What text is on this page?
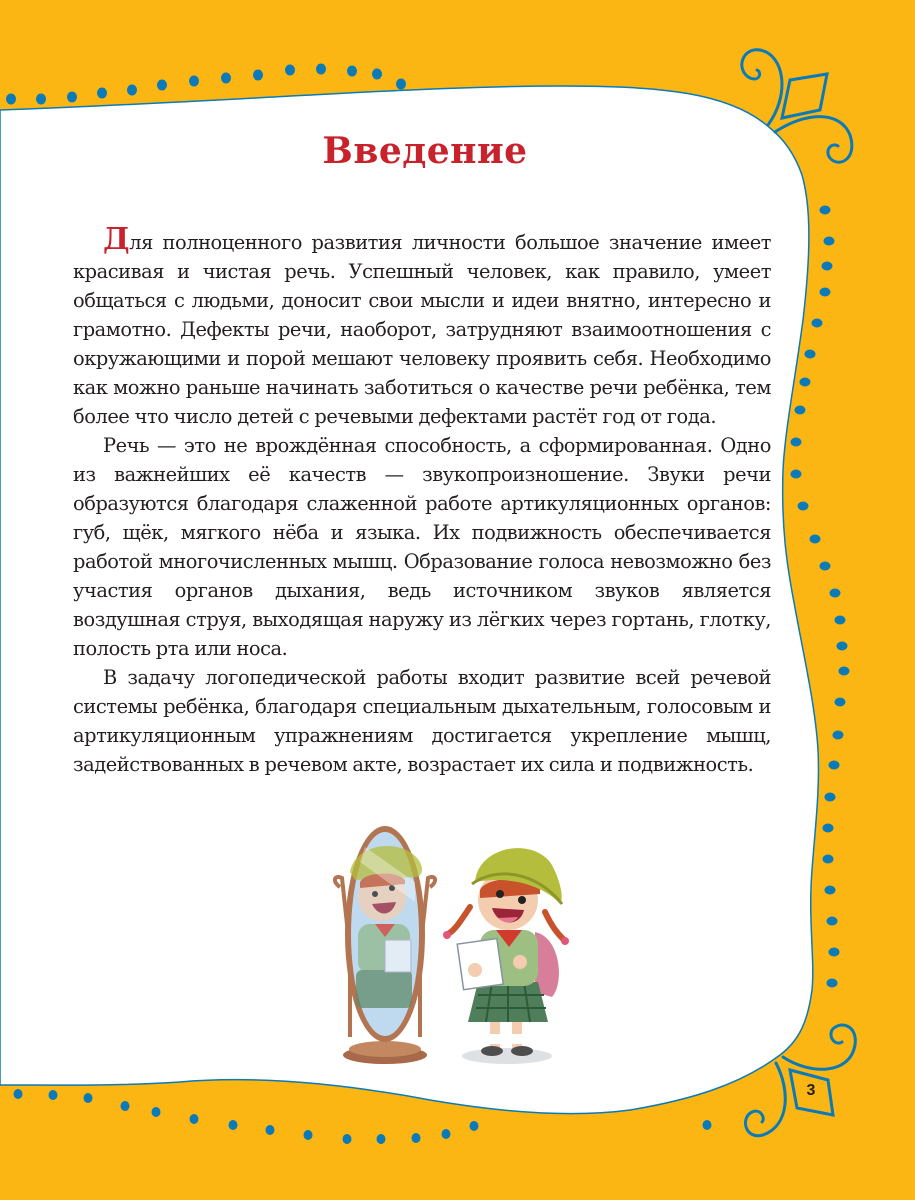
Введение

Для полноценного развития личности большое значение имеет красивая и чистая речь. Успешный человек, как правило, умеет общаться с людьми, доносит свои мысли и идеи внятно, интересно и грамотно. Дефекты речи, наоборот, затрудняют взаимоотношения с окружающими и порой мешают человеку проявить себя. Необходимо как можно раньше начинать заботиться о качестве речи ребёнка, тем более что число детей с речевыми дефектами растёт год от года.

Речь — это не врождённая способность, а сформированная. Одно из важнейших её качеств — звукопроизношение. Звуки речи образуются благодаря слаженной работе артикуляционных органов: губ, щёк, мягкого нёба и языка. Их подвижность обеспечивается работой многочисленных мышц. Образование голоса невозможно без участия органов дыхания, ведь источником звуков является воздушная струя, выходящая наружу из лёгких через гортань, глотку, полость рта или носа.

В задачу логопедической работы входит развитие всей речевой системы ребёнка, благодаря специальным дыхательным, голосовым и артикуляционным упражнениям достигается укрепление мышц, задействованных в речевом акте, возрастает их сила и подвижность.

3
